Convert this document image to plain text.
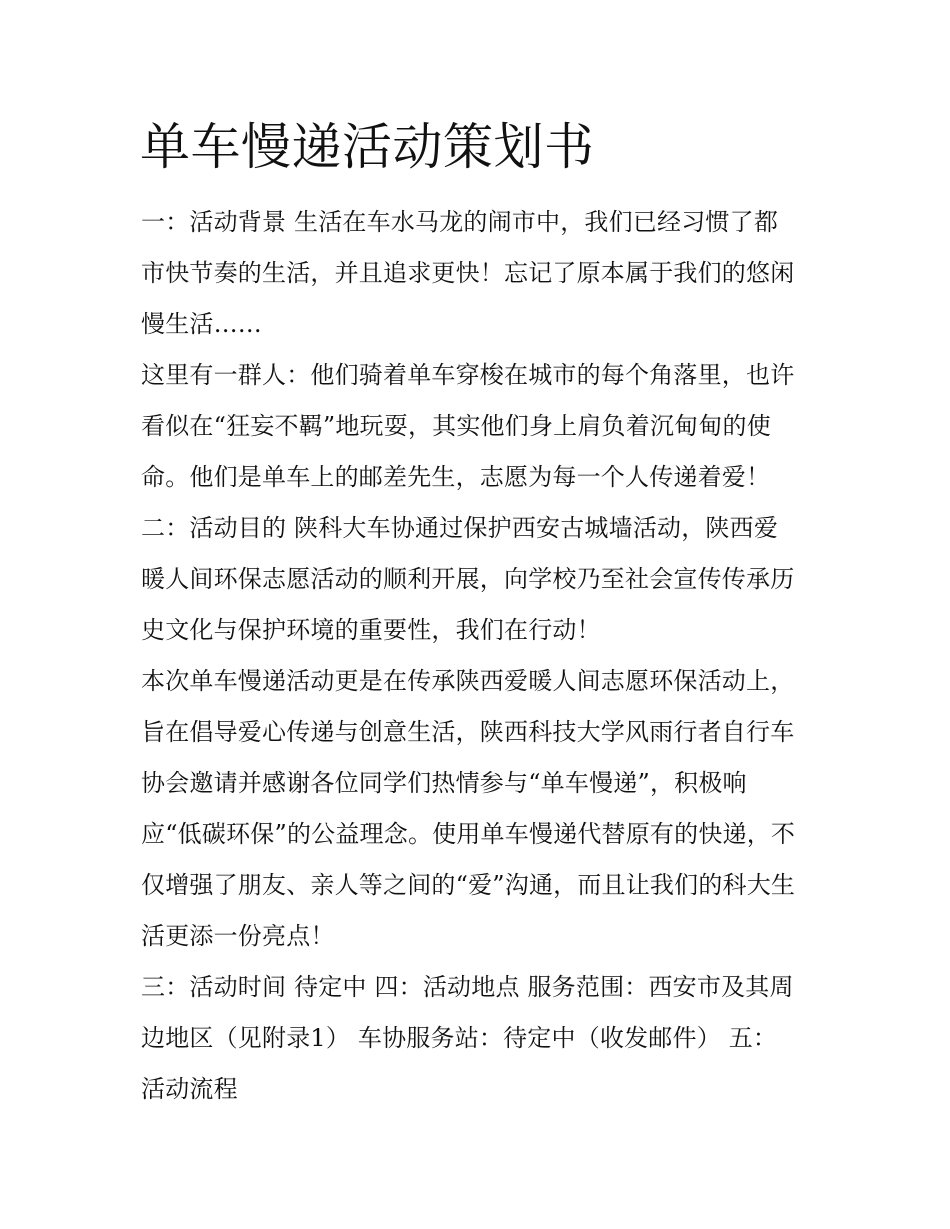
单车慢递活动策划书

一：活动背景 生活在车水马龙的闹市中，我们已经习惯了都

市快节奏的生活，并且追求更快！忘记了原本属于我们的悠闲

慢生活……

这里有一群人：他们骑着单车穿梭在城市的每个角落里，也许

看似在“狂妄不羁”地玩耍，其实他们身上肩负着沉甸甸的使

命。他们是单车上的邮差先生，志愿为每一个人传递着爱！

二：活动目的 陕科大车协通过保护西安古城墙活动，陕西爱

暖人间环保志愿活动的顺利开展，向学校乃至社会宣传传承历

史文化与保护环境的重要性，我们在行动！

本次单车慢递活动更是在传承陕西爱暖人间志愿环保活动上，

旨在倡导爱心传递与创意生活，陕西科技大学风雨行者自行车

协会邀请并感谢各位同学们热情参与“单车慢递”，积极响

应“低碳环保”的公益理念。使用单车慢递代替原有的快递，不

仅增强了朋友、亲人等之间的“爱”沟通，而且让我们的科大生

活更添一份亮点！

三：活动时间 待定中 四：活动地点 服务范围：西安市及其周

边地区（见附录1） 车协服务站：待定中（收发邮件） 五：

活动流程
